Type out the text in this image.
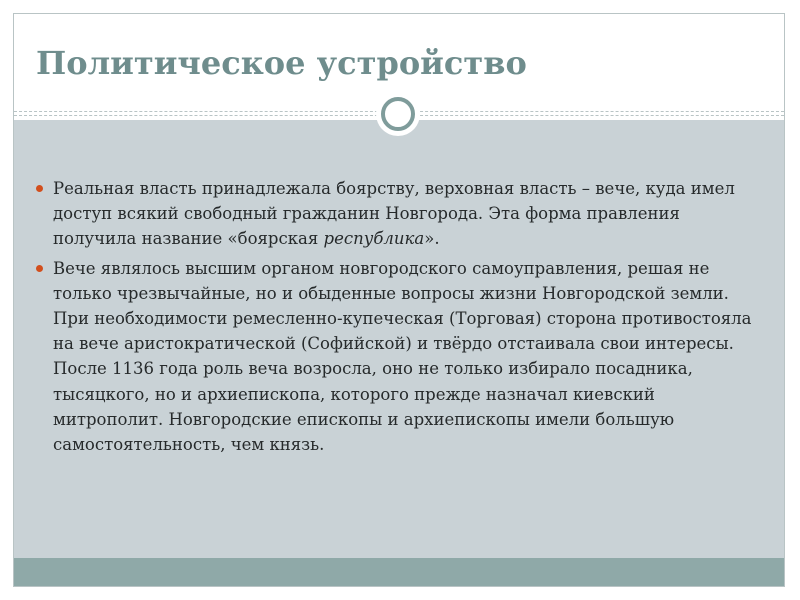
Политическое устройство
Реальная власть принадлежала боярству, верховная власть – вече, куда имел доступ всякий свободный гражданин Новгорода. Эта форма правления получила название «боярская республика».
Вече являлось высшим органом новгородского самоуправления, решая не только чрезвычайные, но и обыденные вопросы жизни Новгородской земли. При необходимости ремесленно-купеческая (Торговая) сторона противостояла на вече аристократической (Софийской) и твёрдо отстаивала свои интересы. После 1136 года роль веча возросла, оно не только избирало посадника, тысяцкого, но и архиепископа, которого прежде назначал киевский митрополит. Новгородские епископы и архиепископы имели большую самостоятельность, чем князь.
